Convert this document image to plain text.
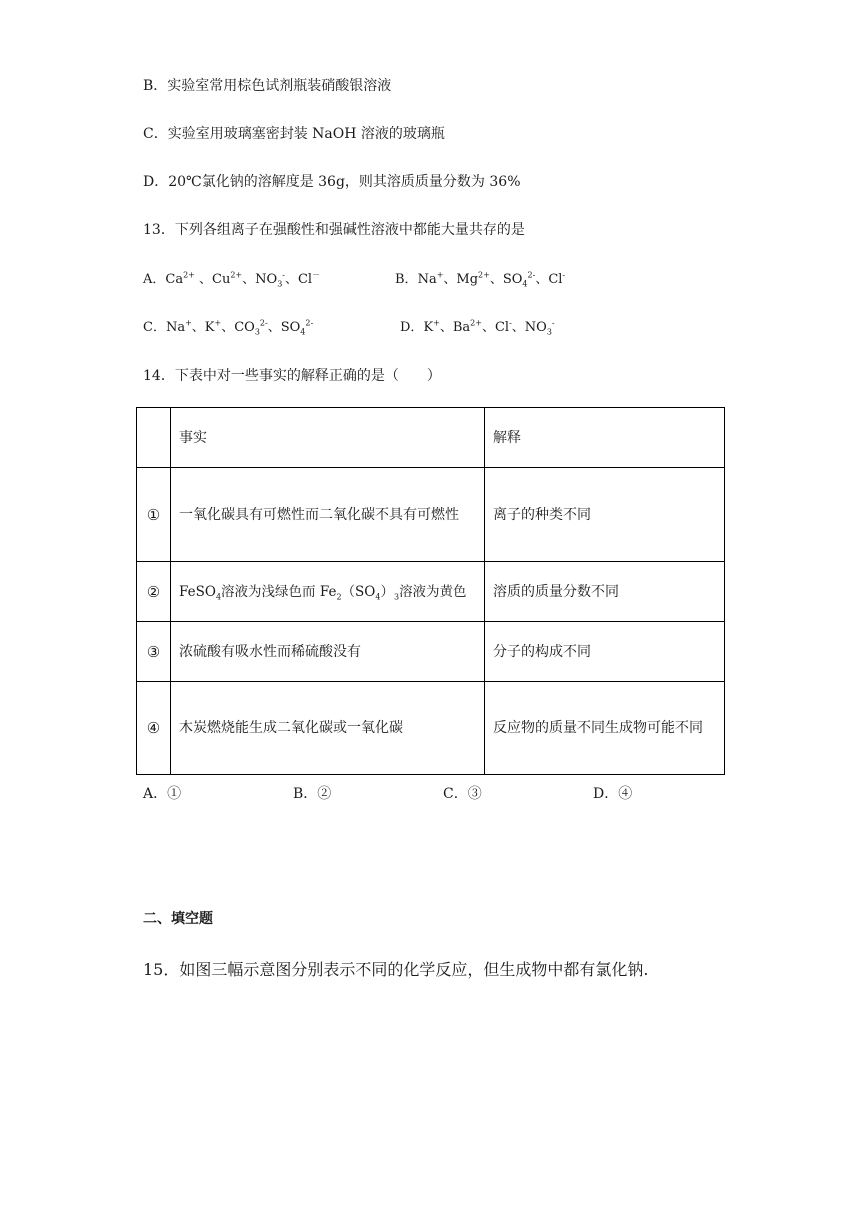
B．实验室常用棕色试剂瓶装硝酸银溶液
C．实验室用玻璃塞密封装 NaOH 溶液的玻璃瓶
D．20℃氯化钠的溶解度是 36g，则其溶质质量分数为 36%
13．下列各组离子在强酸性和强碱性溶液中都能大量共存的是
A．$Ca^{2+}$ 、$Cu^{2+}$、$NO_3^-$、Cl－	B．Na+、$Mg^{2+}$、$SO_4^{2-}$、Cl-
C．Na+、K+、$CO_3^{2-}$、$SO_4^{2-}$	D．K+、$Ba^{2+}$、Cl-、$NO_3^-$
14．下表中对一些事实的解释正确的是（　　）
	事实	解释
①	一氧化碳具有可燃性而二氧化碳不具有可燃性	离子的种类不同
②	FeSO$_4$溶液为浅绿色而 $Fe_2(SO_4)_3$溶液为黄色	溶质的质量分数不同
③	浓硫酸有吸水性而稀硫酸没有	分子的构成不同
④	木炭燃烧能生成二氧化碳或一氧化碳	反应物的质量不同生成物可能不同
A．①	B．②	C．③	D．④
二、填空题
15．如图三幅示意图分别表示不同的化学反应，但生成物中都有氯化钠.
